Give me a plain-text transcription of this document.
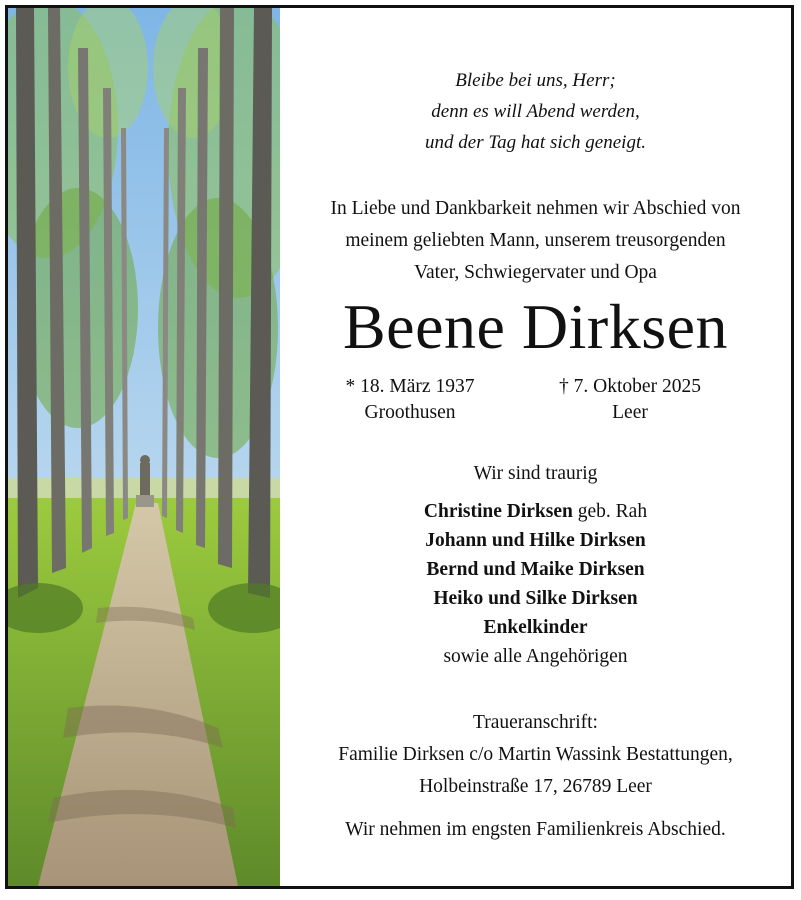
Bleibe bei uns, Herr;
denn es will Abend werden,
und der Tag hat sich geneigt.
In Liebe und Dankbarkeit nehmen wir Abschied von
meinem geliebten Mann, unserem treusorgenden
Vater, Schwiegervater und Opa
Beene Dirksen
* 18. März 1937
Groothusen
† 7. Oktober 2025
Leer
Wir sind traurig
Christine Dirksen geb. Rah
Johann und Hilke Dirksen
Bernd und Maike Dirksen
Heiko und Silke Dirksen
Enkelkinder
sowie alle Angehörigen
Traueranschrift:
Familie Dirksen c/o Martin Wassink Bestattungen,
Holbeinstraße 17, 26789 Leer
Wir nehmen im engsten Familienkreis Abschied.
